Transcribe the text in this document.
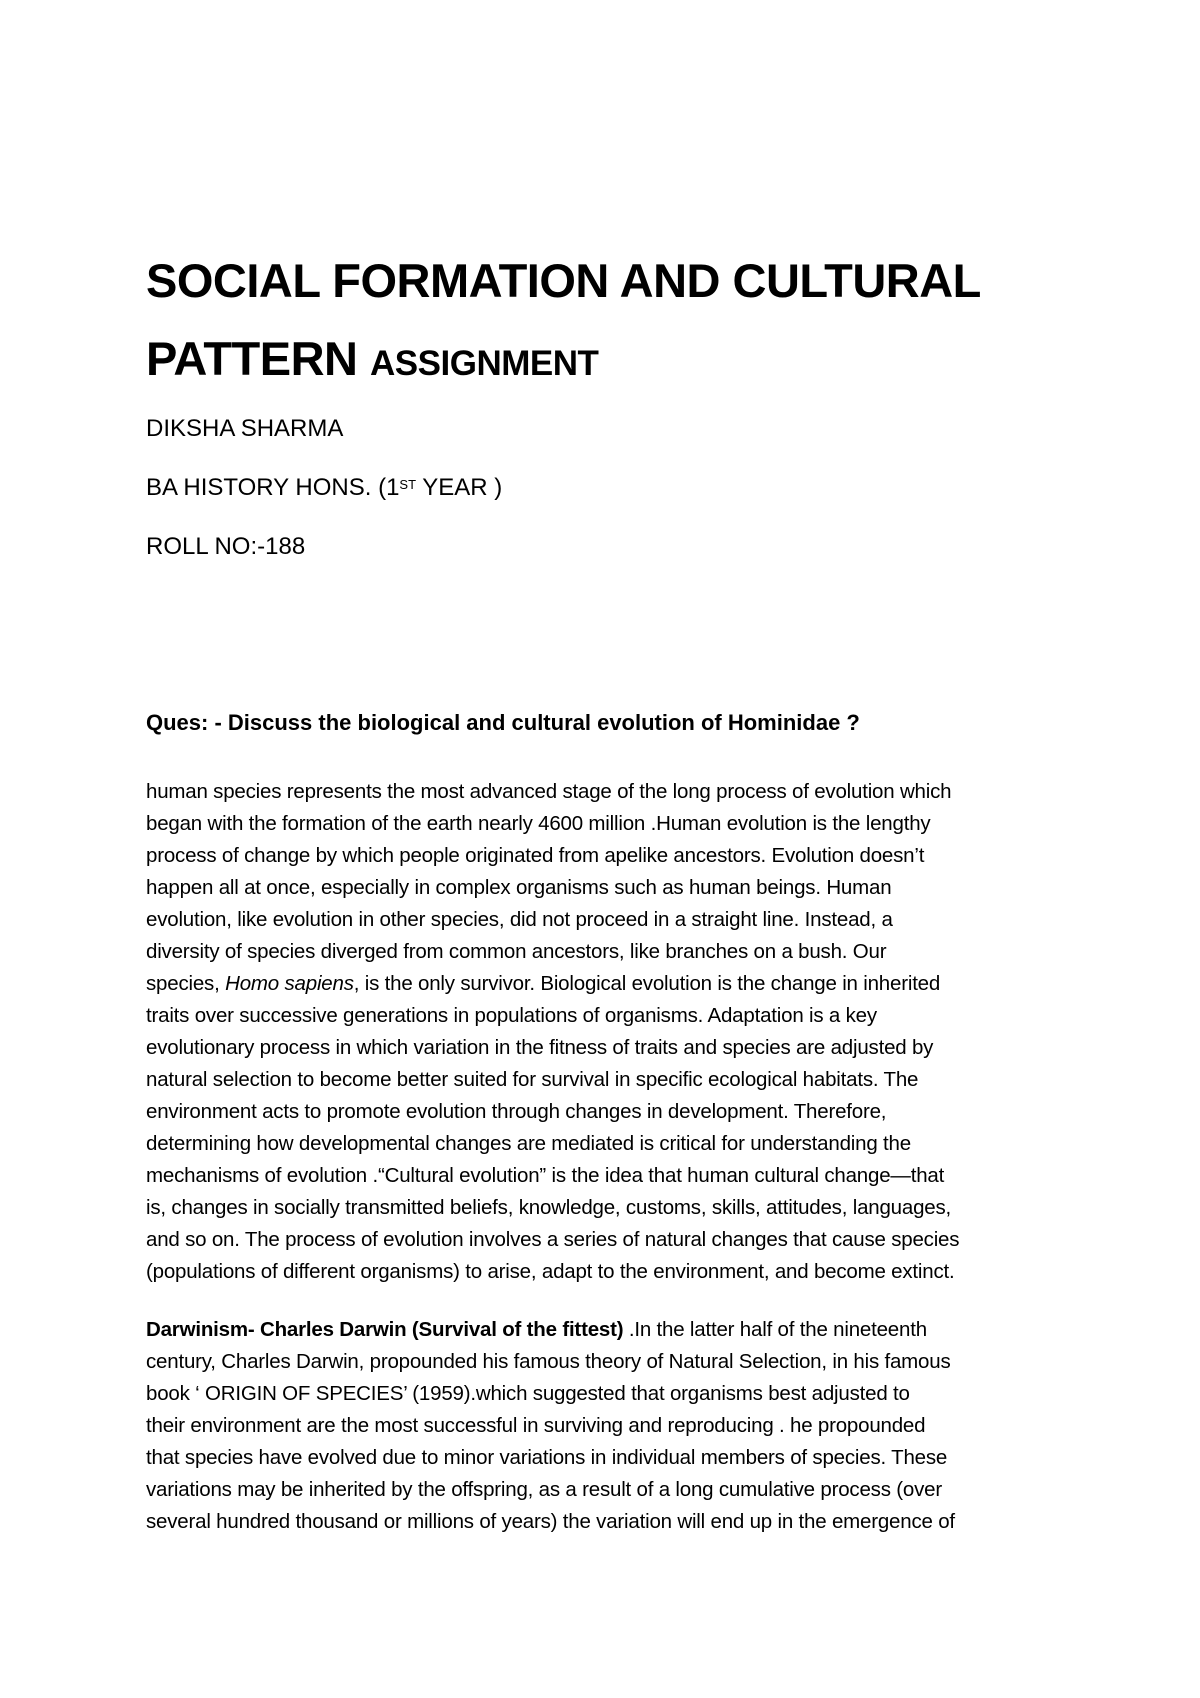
SOCIAL FORMATION AND CULTURAL
PATTERN ASSIGNMENT

DIKSHA SHARMA

BA HISTORY HONS. (1ST YEAR )

ROLL NO:-188

Ques: - Discuss the biological and cultural evolution of Hominidae ?

human species represents the most advanced stage of the long process of evolution which
began with the formation of the earth nearly 4600 million .Human evolution is the lengthy
process of change by which people originated from apelike ancestors. Evolution doesn’t
happen all at once, especially in complex organisms such as human beings. Human
evolution, like evolution in other species, did not proceed in a straight line. Instead, a
diversity of species diverged from common ancestors, like branches on a bush. Our
species, Homo sapiens, is the only survivor. Biological evolution is the change in inherited
traits over successive generations in populations of organisms. Adaptation is a key
evolutionary process in which variation in the fitness of traits and species are adjusted by
natural selection to become better suited for survival in specific ecological habitats. The
environment acts to promote evolution through changes in development. Therefore,
determining how developmental changes are mediated is critical for understanding the
mechanisms of evolution .“Cultural evolution” is the idea that human cultural change—that
is, changes in socially transmitted beliefs, knowledge, customs, skills, attitudes, languages,
and so on. The process of evolution involves a series of natural changes that cause species
(populations of different organisms) to arise, adapt to the environment, and become extinct.

Darwinism- Charles Darwin (Survival of the fittest) .In the latter half of the nineteenth
century, Charles Darwin, propounded his famous theory of Natural Selection, in his famous
book ‘ ORIGIN OF SPECIES’ (1959).which suggested that organisms best adjusted to
their environment are the most successful in surviving and reproducing . he propounded
that species have evolved due to minor variations in individual members of species. These
variations may be inherited by the offspring, as a result of a long cumulative process (over
several hundred thousand or millions of years) the variation will end up in the emergence of
